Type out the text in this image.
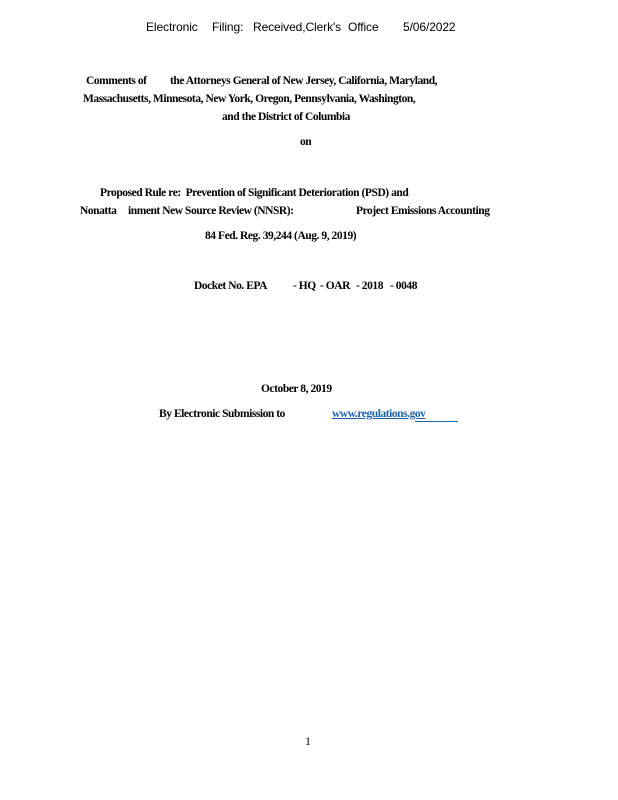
Electronic Filing: Received,Clerk's Office 5/06/2022
Comments of the Attorneys General of New Jersey, California, Maryland,
Massachusetts, Minnesota, New York, Oregon, Pennsylvania, Washington,
and the District of Columbia
on
Proposed Rule re:  Prevention of Significant Deterioration (PSD) and
Nonatta inment New Source Review (NNSR):	Project Emissions Accounting
84 Fed. Reg. 39,244 (Aug. 9, 2019)
Docket No. EPA - HQ - OAR - 2018 - 0048
October 8, 2019
By Electronic Submission to	www.regulations.gov
1
